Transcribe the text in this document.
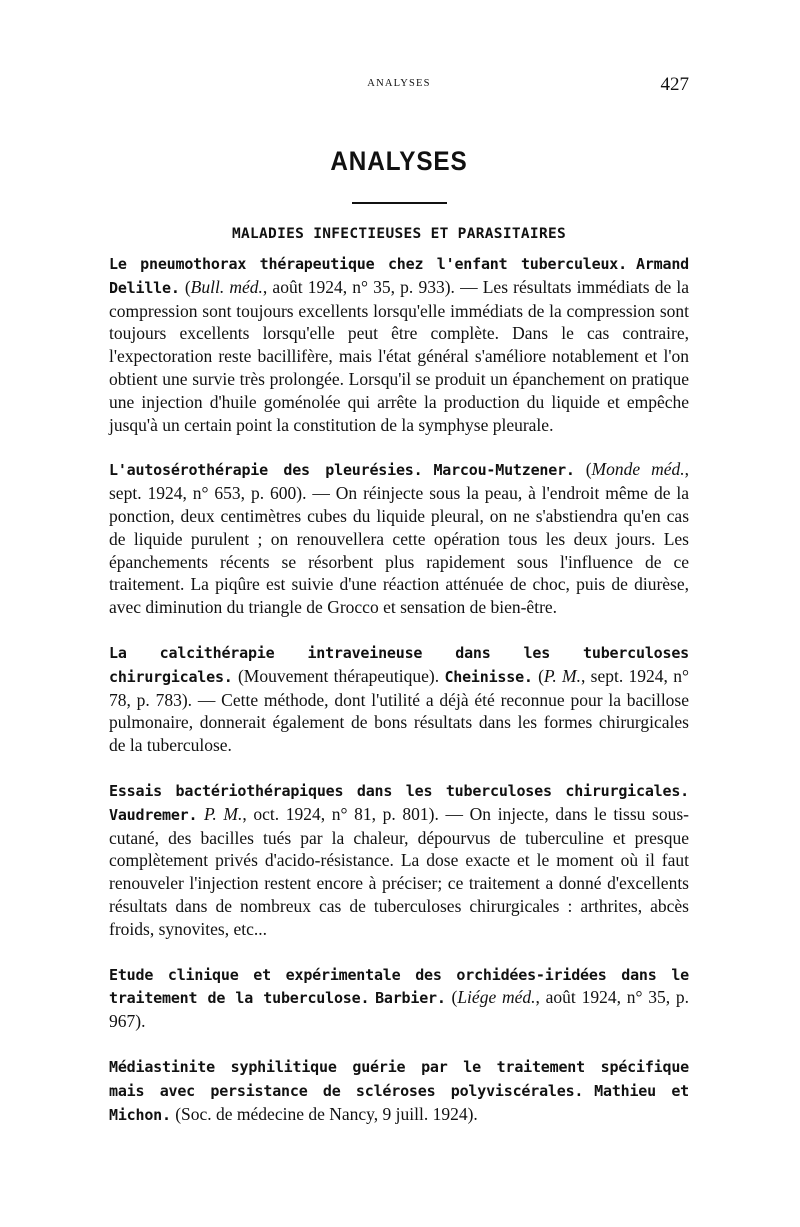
ANALYSES	427
ANALYSES
MALADIES INFECTIEUSES ET PARASITAIRES

Le pneumothorax thérapeutique chez l'enfant tuberculeux. Armand Delille. (Bull. méd., août 1924, n° 35, p. 933). — Les résultats immédiats de la compression sont toujours excellents lorsqu'elle immédiats de la compression sont toujours excellents lorsqu'elle peut être complète. Dans le cas contraire, l'expectoration reste bacillifère, mais l'état général s'améliore notablement et l'on obtient une survie très prolongée. Lorsqu'il se produit un épanchement on pratique une injection d'huile goménolée qui arrête la production du liquide et empêche jusqu'à un certain point la constitution de la symphyse pleurale.

L'autosérothérapie des pleurésies. Marcou-Mutzener. (Monde méd., sept. 1924, n° 653, p. 600). — On réinjecte sous la peau, à l'endroit même de la ponction, deux centimètres cubes du liquide pleural, on ne s'abstiendra qu'en cas de liquide purulent ; on renouvellera cette opération tous les deux jours. Les épanchements récents se résorbent plus rapidement sous l'influence de ce traitement. La piqûre est suivie d'une réaction atténuée de choc, puis de diurèse, avec diminution du triangle de Grocco et sensation de bien-être.

La calcithérapie intraveineuse dans les tuberculoses chirurgicales. (Mouvement thérapeutique). Cheinisse. (P. M., sept. 1924, n° 78, p. 783). — Cette méthode, dont l'utilité a déjà été reconnue pour la bacillose pulmonaire, donnerait également de bons résultats dans les formes chirurgicales de la tuberculose.

Essais bactériothérapiques dans les tuberculoses chirurgicales. Vaudremer. P. M., oct. 1924, n° 81, p. 801). — On injecte, dans le tissu sous-cutané, des bacilles tués par la chaleur, dépourvus de tuberculine et presque complètement privés d'acido-résistance. La dose exacte et le moment où il faut renouveler l'injection restent encore à préciser; ce traitement a donné d'excellents résultats dans de nombreux cas de tuberculoses chirurgicales : arthrites, abcès froids, synovites, etc...

Etude clinique et expérimentale des orchidées-iridées dans le traitement de la tuberculose. Barbier. (Liége méd., août 1924, n° 35, p. 967).

Médiastinite syphilitique guérie par le traitement spécifique mais avec persistance de scléroses polyviscérales. Mathieu et Michon. (Soc. de médecine de Nancy, 9 juill. 1924).
